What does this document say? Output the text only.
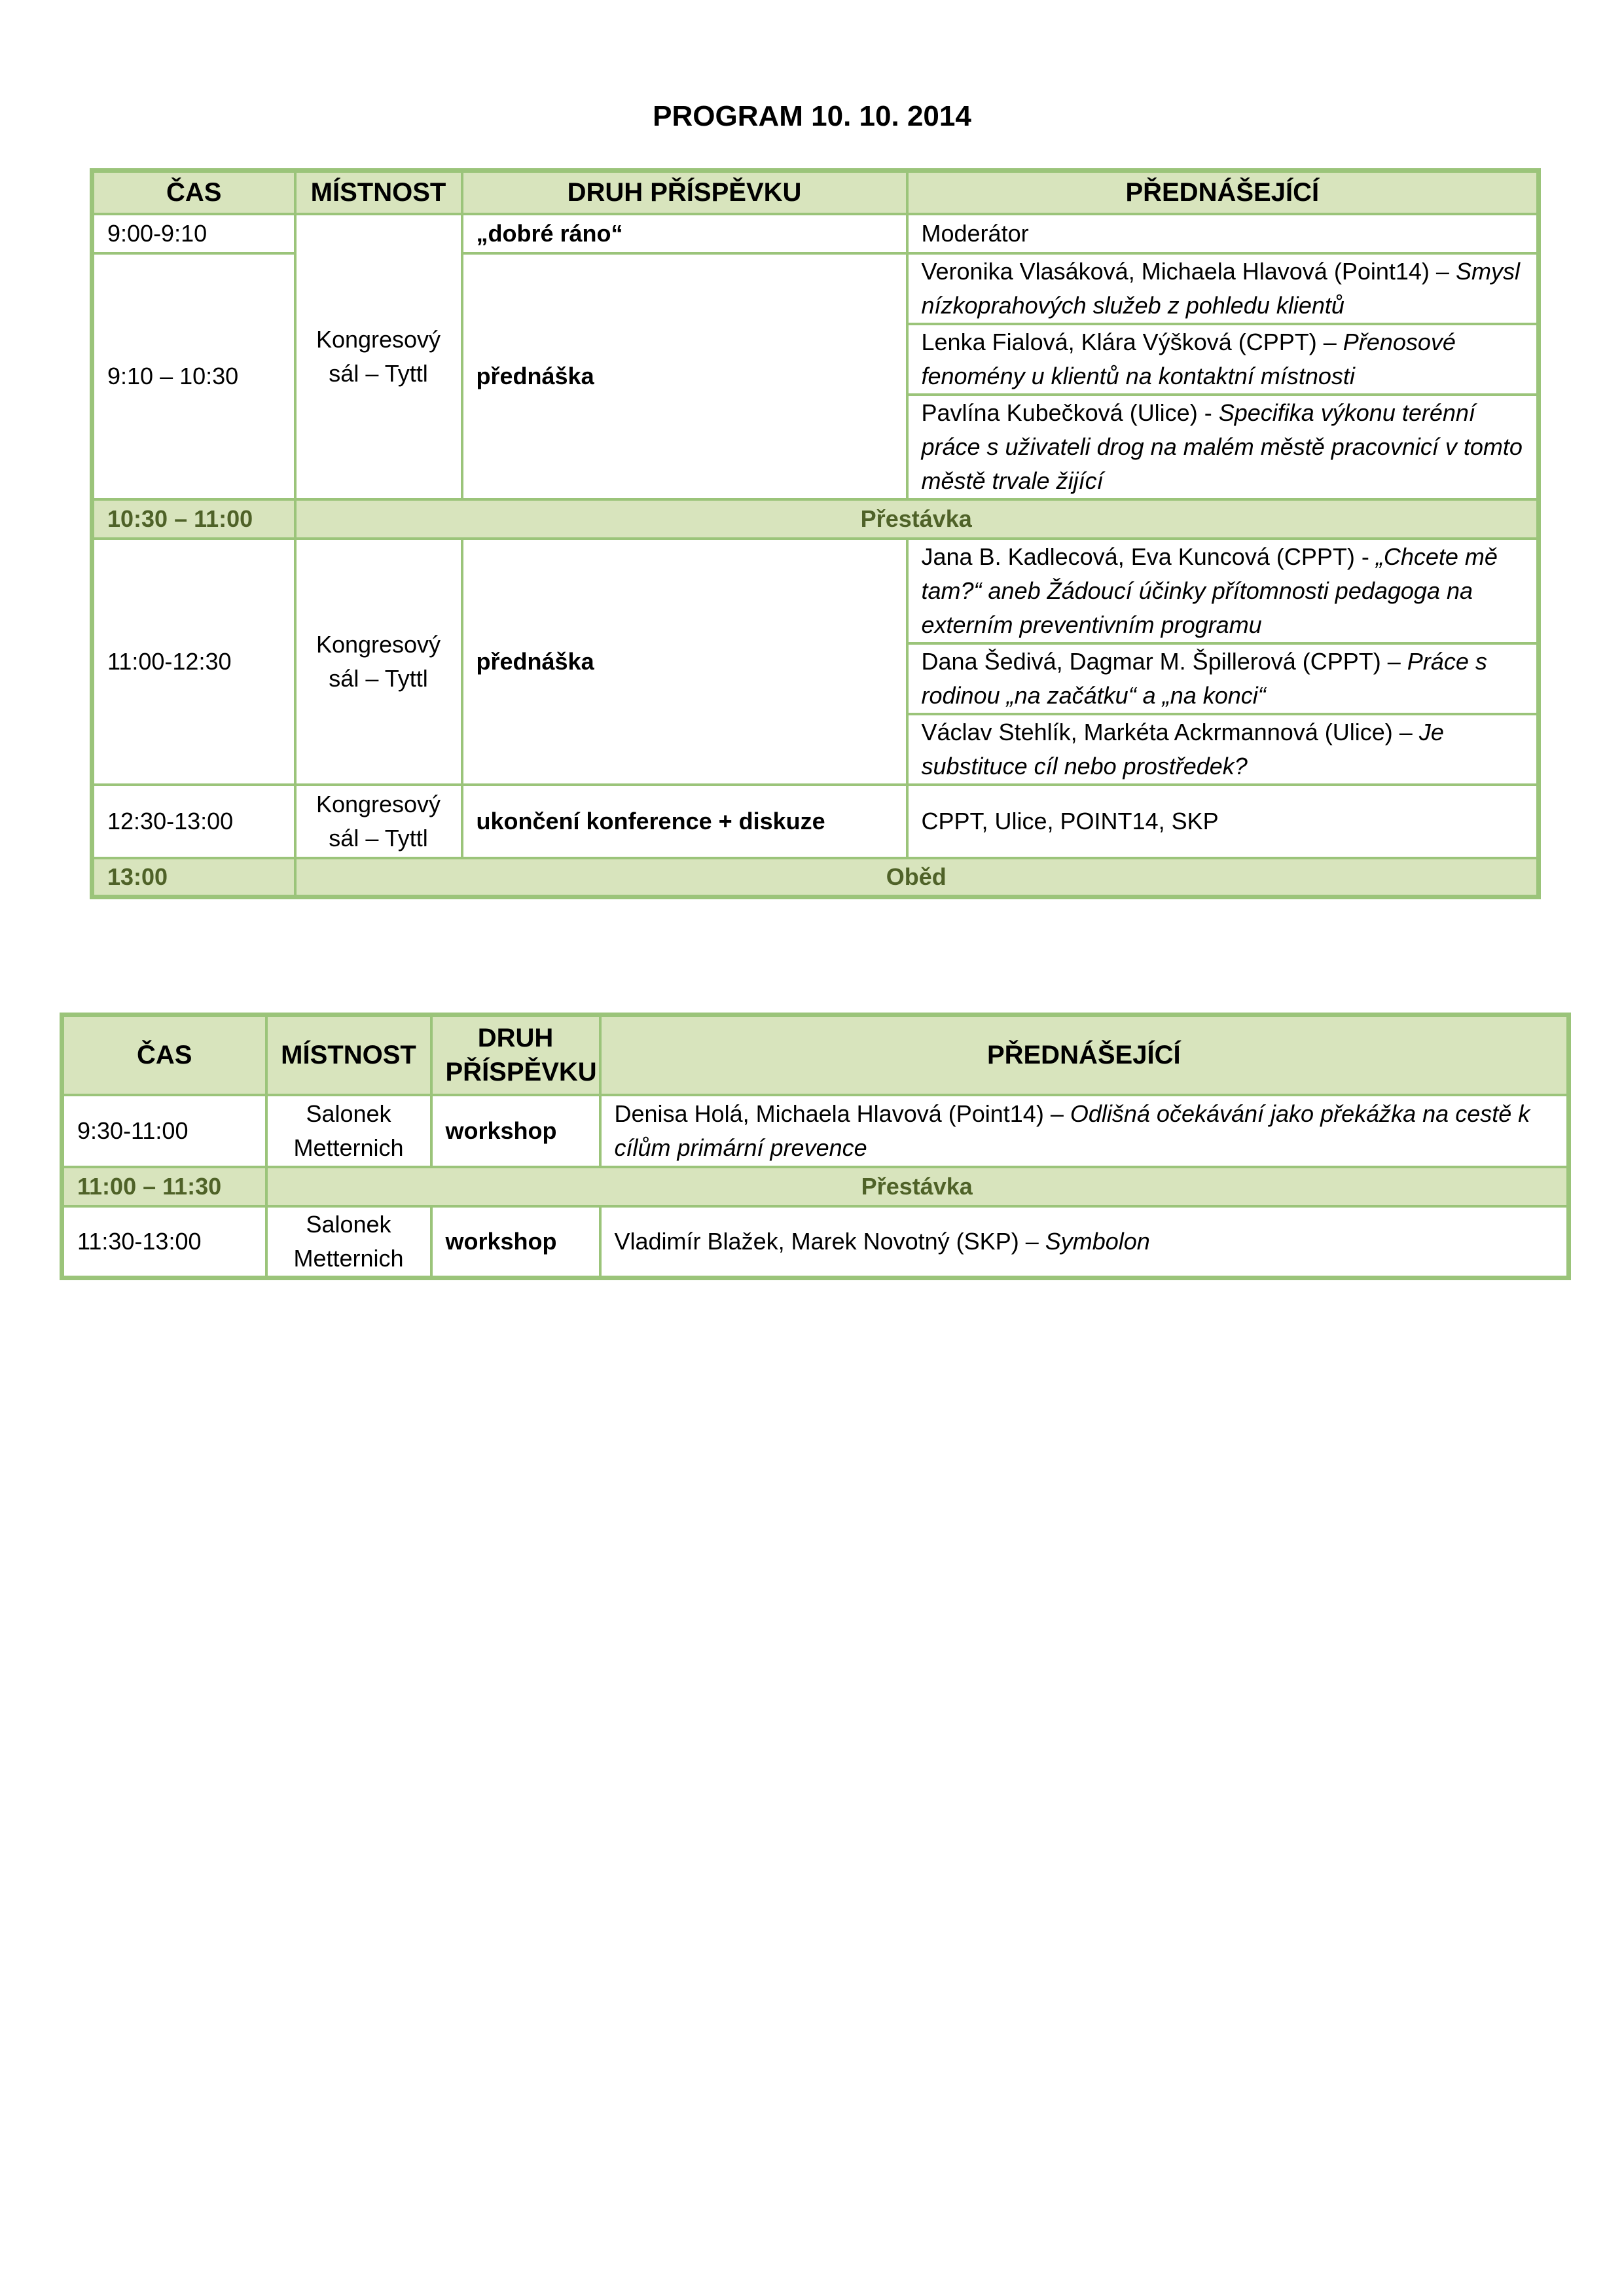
PROGRAM 10. 10. 2014
ČAS	MÍSTNOST	DRUH PŘÍSPĚVKU	PŘEDNÁŠEJÍCÍ
9:00-9:10	Kongresový sál – Tyttl	„dobré ráno“	Moderátor
9:10 – 10:30		přednáška	Veronika Vlasáková, Michaela Hlavová (Point14) – Smysl nízkoprahových služeb z pohledu klientů
			Lenka Fialová, Klára Výšková (CPPT) – Přenosové fenomény u klientů na kontaktní místnosti
			Pavlína Kubečková (Ulice) - Specifika výkonu terénní práce s uživateli drog na malém městě pracovnicí v tomto městě trvale žijící
10:30 – 11:00	Přestávka		
11:00-12:30	Kongresový sál – Tyttl	přednáška	Jana B. Kadlecová, Eva Kuncová (CPPT) - „Chcete mě tam?“ aneb Žádoucí účinky přítomnosti pedagoga na externím preventivním programu
			Dana Šedivá, Dagmar M. Špillerová (CPPT) – Práce s rodinou „na začátku“ a „na konci“
			Václav Stehlík, Markéta Ackrmannová (Ulice) – Je substituce cíl nebo prostředek?
12:30-13:00	Kongresový sál – Tyttl	ukončení konference + diskuze	CPPT, Ulice, POINT14, SKP
13:00	Oběd		
ČAS	MÍSTNOST	DRUH PŘÍSPĚVKU	PŘEDNÁŠEJÍCÍ
9:30-11:00	Salonek Metternich	workshop	Denisa Holá, Michaela Hlavová (Point14) – Odlišná očekávání jako překážka na cestě k cílům primární prevence
11:00 – 11:30	Přestávka		
11:30-13:00	Salonek Metternich	workshop	Vladimír Blažek, Marek Novotný (SKP) – Symbolon
